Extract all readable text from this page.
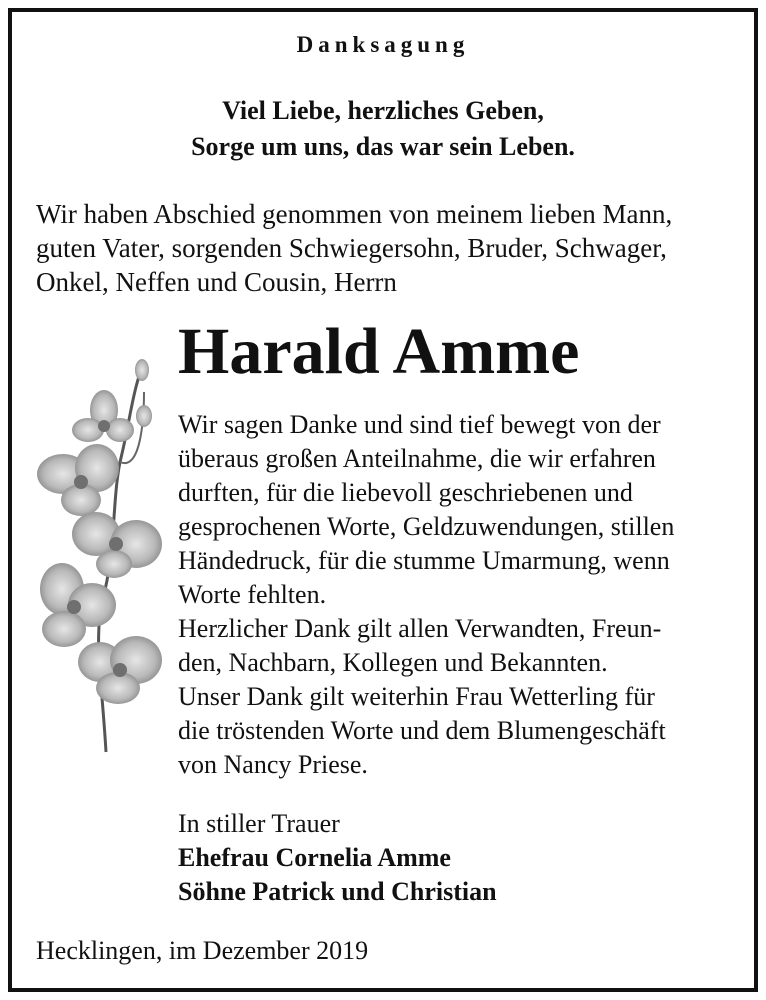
Danksagung

Viel Liebe, herzliches Geben,

Sorge um uns, das war sein Leben.

Wir haben Abschied genommen von meinem lieben Mann,

guten Vater, sorgenden Schwiegersohn, Bruder, Schwager,

Onkel, Neffen und Cousin, Herrn

Harald Amme

Wir sagen Danke und sind tief bewegt von der

überaus großen Anteilnahme, die wir erfahren

durften, für die liebevoll geschriebenen und

gesprochenen Worte, Geldzuwendungen, stillen

Händedruck, für die stumme Umarmung, wenn

Worte fehlten.

Herzlicher Dank gilt allen Verwandten, Freun-

den, Nachbarn, Kollegen und Bekannten.

Unser Dank gilt weiterhin Frau Wetterling für

die tröstenden Worte und dem Blumengeschäft

von Nancy Priese.

In stiller Trauer

Ehefrau Cornelia Amme

Söhne Patrick und Christian

Hecklingen, im Dezember 2019
